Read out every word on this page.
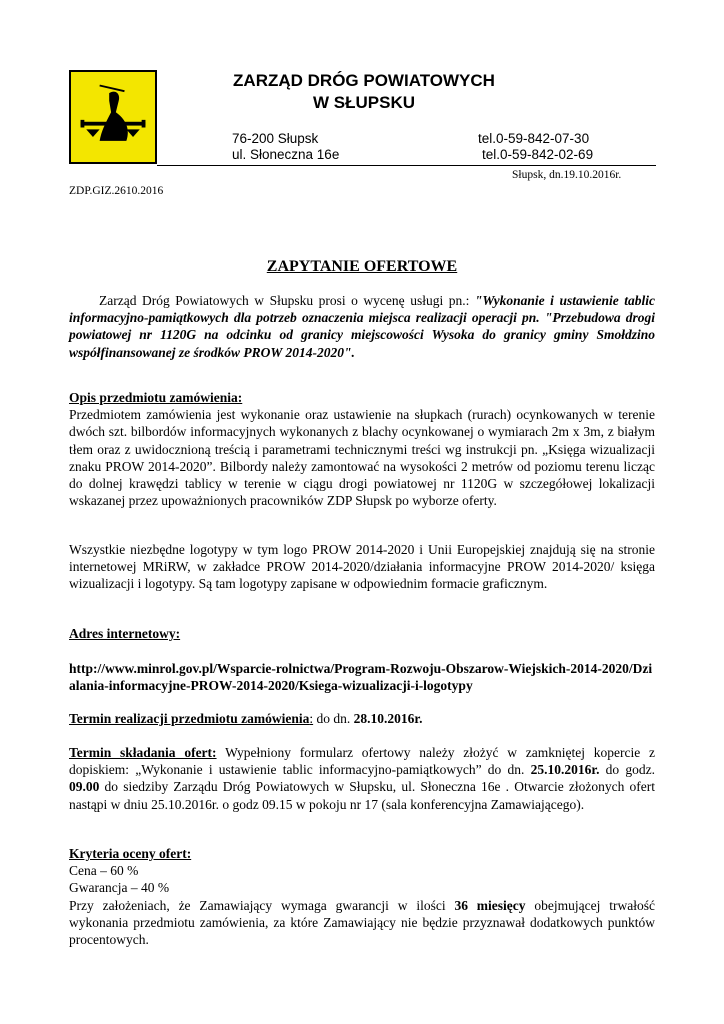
ZARZĄD DRÓG POWIATOWYCH
W SŁUPSKU
76-200 Słupsk
ul. Słoneczna 16e
tel.0-59-842-07-30
tel.0-59-842-02-69
Słupsk, dn.19.10.2016r.
ZDP.GIZ.2610.2016
ZAPYTANIE OFERTOWE

Zarząd Dróg Powiatowych w Słupsku prosi o wycenę usługi pn.: "Wykonanie i ustawienie tablic informacyjno-pamiątkowych dla potrzeb oznaczenia miejsca realizacji operacji pn. "Przebudowa drogi powiatowej nr 1120G na odcinku od granicy miejscowości Wysoka do granicy gminy Smołdzino współfinansowanej ze środków PROW 2014-2020".

Opis przedmiotu zamówienia:

Przedmiotem zamówienia jest wykonanie oraz ustawienie na słupkach (rurach) ocynkowanych w terenie dwóch szt. bilbordów informacyjnych wykonanych z blachy ocynkowanej o wymiarach 2m x 3m, z białym tłem oraz z uwidocznioną treścią i parametrami technicznymi treści wg instrukcji pn. „Księga wizualizacji znaku PROW 2014-2020”. Bilbordy należy zamontować na wysokości 2 metrów od poziomu terenu licząc do dolnej krawędzi tablicy w terenie w ciągu drogi powiatowej nr 1120G w szczegółowej lokalizacji wskazanej przez upoważnionych pracowników ZDP Słupsk po wyborze oferty.

Wszystkie niezbędne logotypy w tym logo PROW 2014-2020 i Unii Europejskiej znajdują się na stronie internetowej MRiRW, w zakładce PROW 2014-2020/działania informacyjne PROW 2014-2020/ księga wizualizacji i logotypy. Są tam logotypy zapisane w odpowiednim formacie graficznym.

Adres internetowy:

http://www.minrol.gov.pl/Wsparcie-rolnictwa/Program-Rozwoju-Obszarow-Wiejskich-2014-2020/Dzialania-informacyjne-PROW-2014-2020/Ksiega-wizualizacji-i-logotypy

Termin realizacji przedmiotu zamówienia: do dn. 28.10.2016r.

Termin składania ofert: Wypełniony formularz ofertowy należy złożyć w zamkniętej kopercie z dopiskiem: „Wykonanie i ustawienie tablic informacyjno-pamiątkowych” do dn. 25.10.2016r. do godz. 09.00 do siedziby Zarządu Dróg Powiatowych w Słupsku, ul. Słoneczna 16e . Otwarcie złożonych ofert nastąpi w dniu 25.10.2016r. o godz 09.15 w pokoju nr 17 (sala konferencyjna Zamawiającego).

Kryteria oceny ofert:

Cena – 60 %

Gwarancja – 40 %

Przy założeniach, że Zamawiający wymaga gwarancji w ilości 36 miesięcy obejmującej trwałość wykonania przedmiotu zamówienia, za które Zamawiający nie będzie przyznawał dodatkowych punktów procentowych.
